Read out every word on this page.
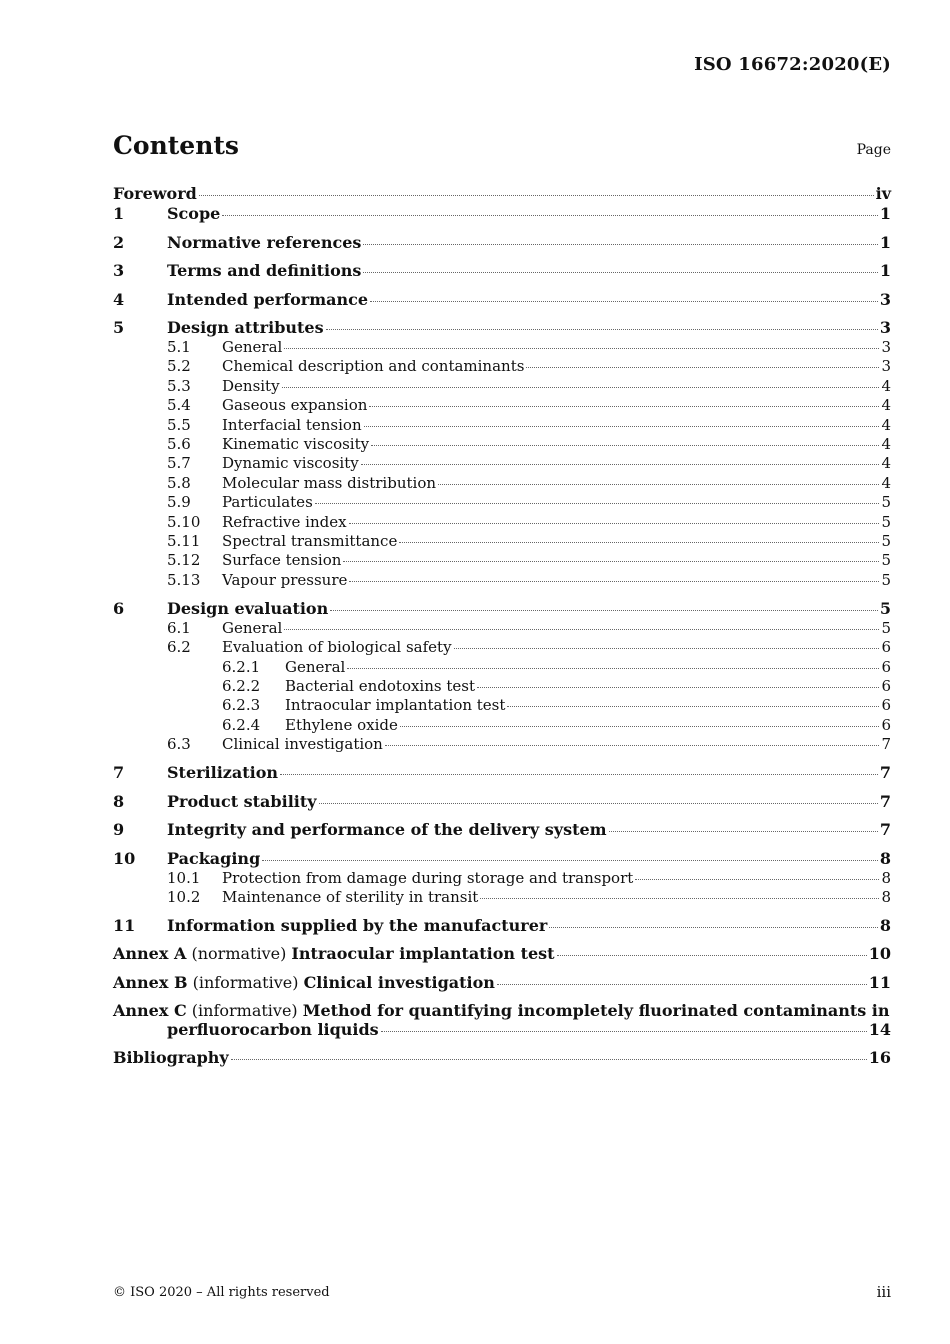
ISO 16672:2020(E)
Contents	Page
Foreword	iv
1	Scope	1
2	Normative references	1
3	Terms and definitions	1
4	Intended performance	3
5	Design attributes	3
5.1	General	3
5.2	Chemical description and contaminants	3
5.3	Density	4
5.4	Gaseous expansion	4
5.5	Interfacial tension	4
5.6	Kinematic viscosity	4
5.7	Dynamic viscosity	4
5.8	Molecular mass distribution	4
5.9	Particulates	5
5.10	Refractive index	5
5.11	Spectral transmittance	5
5.12	Surface tension	5
5.13	Vapour pressure	5
6	Design evaluation	5
6.1	General	5
6.2	Evaluation of biological safety	6
6.2.1	General	6
6.2.2	Bacterial endotoxins test	6
6.2.3	Intraocular implantation test	6
6.2.4	Ethylene oxide	6
6.3	Clinical investigation	7
7	Sterilization	7
8	Product stability	7
9	Integrity and performance of the delivery system	7
10	Packaging	8
10.1	Protection from damage during storage and transport	8
10.2	Maintenance of sterility in transit	8
11	Information supplied by the manufacturer	8
Annex A (normative) Intraocular implantation test	10
Annex B (informative) Clinical investigation	11
Annex C (informative) Method for quantifying incompletely fluorinated contaminants in
perfluorocarbon liquids	14
Bibliography	16
© ISO 2020 – All rights reserved	iii
